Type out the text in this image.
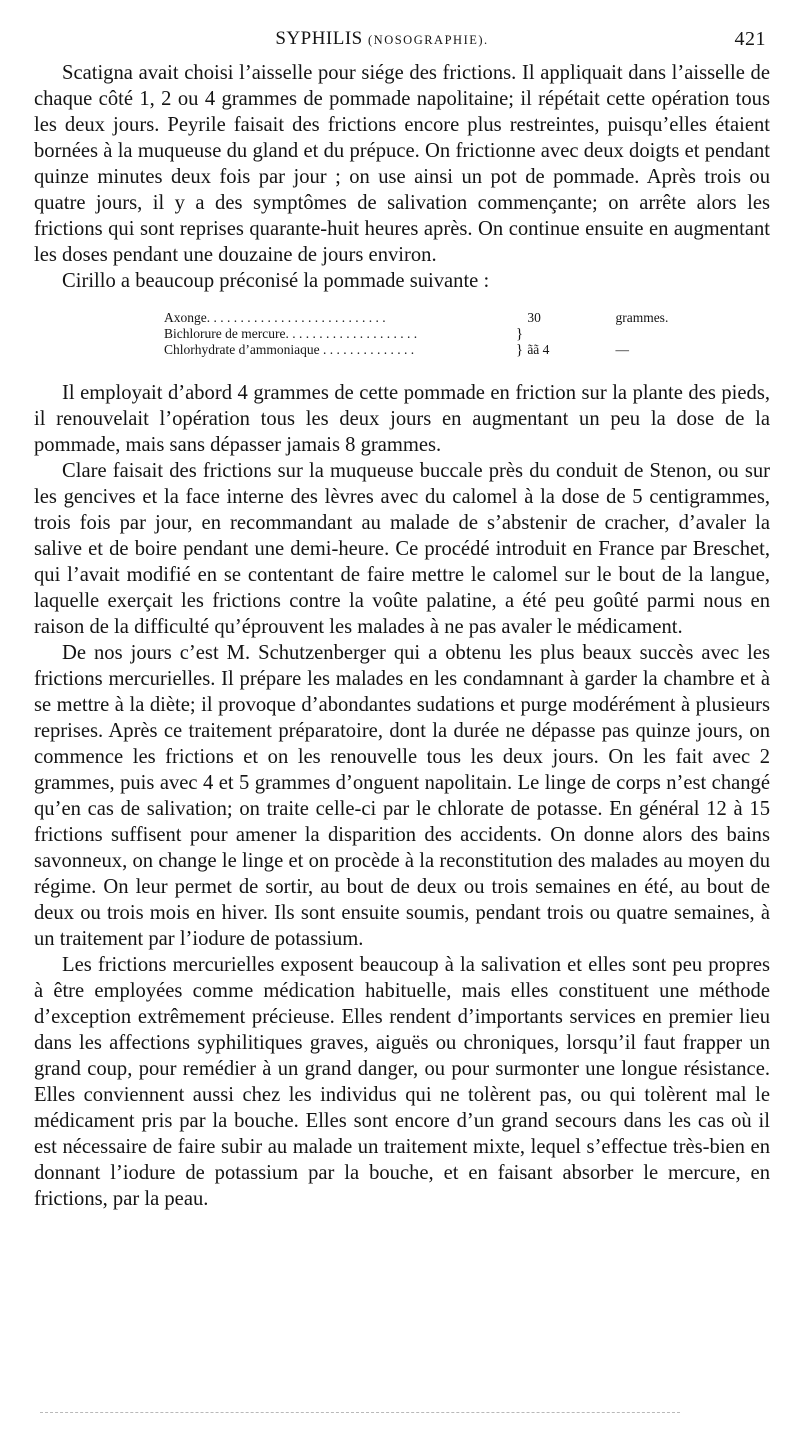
SYPHILIS (NOSOGRAPHIE).	421

Scatigna avait choisi l’aisselle pour siége des frictions. Il appliquait dans l’aisselle de chaque côté 1, 2 ou 4 grammes de pommade napolitaine; il répétait cette opération tous les deux jours. Peyrile faisait des frictions encore plus restreintes, puisqu’elles étaient bornées à la muqueuse du gland et du prépuce. On frictionne avec deux doigts et pendant quinze minutes deux fois par jour ; on use ainsi un pot de pommade. Après trois ou quatre jours, il y a des symptômes de salivation commençante; on arrête alors les frictions qui sont reprises quarante-huit heures après. On continue ensuite en augmentant les doses pendant une douzaine de jours environ.

Cirillo a beaucoup préconisé la pommade suivante :

Axonge. . . . . . . . . . . . . . . . . . . . . . . . . . .	30	grammes.
Bichlorure de mercure. . . . . . . . . . . . . . . . . . . .	}
Chlorhydrate d’ammoniaque . . . . . . . . . . . . . .	} ãã 4	—

Il employait d’abord 4 grammes de cette pommade en friction sur la plante des pieds, il renouvelait l’opération tous les deux jours en augmentant un peu la dose de la pommade, mais sans dépasser jamais 8 grammes.

Clare faisait des frictions sur la muqueuse buccale près du conduit de Stenon, ou sur les gencives et la face interne des lèvres avec du calomel à la dose de 5 centigrammes, trois fois par jour, en recommandant au malade de s’abstenir de cracher, d’avaler la salive et de boire pendant une demi-heure. Ce procédé introduit en France par Breschet, qui l’avait modifié en se contentant de faire mettre le calomel sur le bout de la langue, laquelle exerçait les frictions contre la voûte palatine, a été peu goûté parmi nous en raison de la difficulté qu’éprouvent les malades à ne pas avaler le médicament.

De nos jours c’est M. Schutzenberger qui a obtenu les plus beaux succès avec les frictions mercurielles. Il prépare les malades en les condamnant à garder la chambre et à se mettre à la diète; il provoque d’abondantes sudations et purge modérément à plusieurs reprises. Après ce traitement préparatoire, dont la durée ne dépasse pas quinze jours, on commence les frictions et on les renouvelle tous les deux jours. On les fait avec 2 grammes, puis avec 4 et 5 grammes d’onguent napolitain. Le linge de corps n’est changé qu’en cas de salivation; on traite celle-ci par le chlorate de potasse. En général 12 à 15 frictions suffisent pour amener la disparition des accidents. On donne alors des bains savonneux, on change le linge et on procède à la reconstitution des malades au moyen du régime. On leur permet de sortir, au bout de deux ou trois semaines en été, au bout de deux ou trois mois en hiver. Ils sont ensuite soumis, pendant trois ou quatre semaines, à un traitement par l’iodure de potassium.

Les frictions mercurielles exposent beaucoup à la salivation et elles sont peu propres à être employées comme médication habituelle, mais elles constituent une méthode d’exception extrêmement précieuse. Elles rendent d’importants services en premier lieu dans les affections syphilitiques graves, aiguës ou chroniques, lorsqu’il faut frapper un grand coup, pour remédier à un grand danger, ou pour surmonter une longue résistance. Elles conviennent aussi chez les individus qui ne tolèrent pas, ou qui tolèrent mal le médicament pris par la bouche. Elles sont encore d’un grand secours dans les cas où il est nécessaire de faire subir au malade un traitement mixte, lequel s’effectue très-bien en donnant l’iodure de potassium par la bouche, et en faisant absorber le mercure, en frictions, par la peau.
